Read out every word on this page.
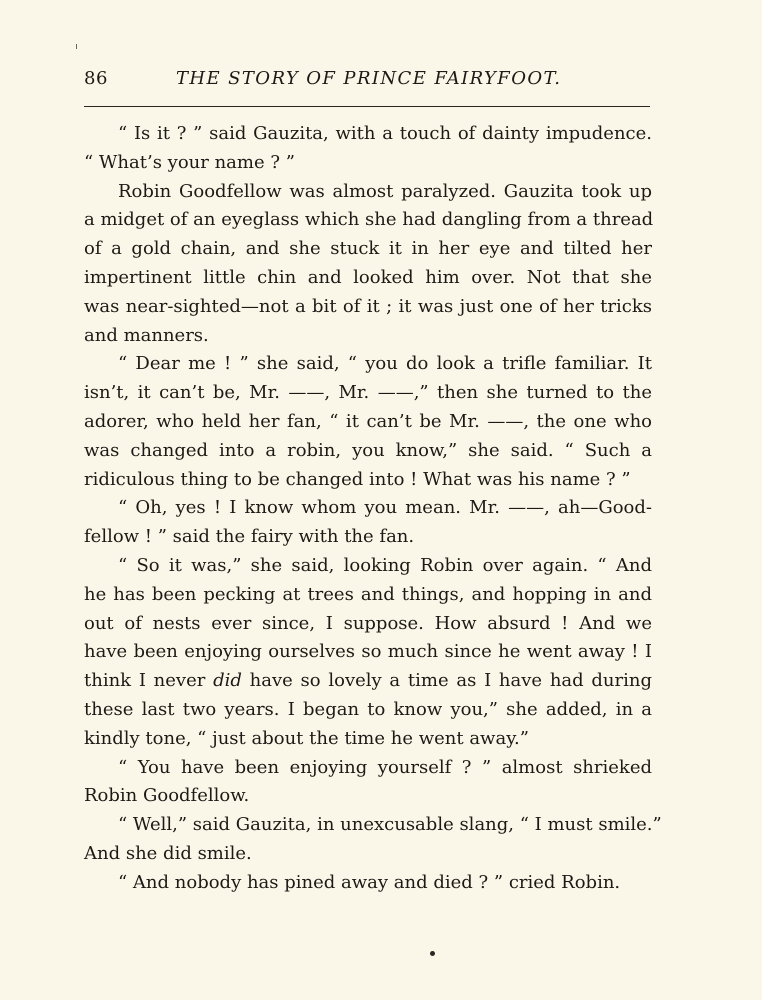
86	THE STORY OF PRINCE FAIRYFOOT.
“ Is it ? ” said Gauzita, with a touch of dainty impudence.
“ What’s your name ? ”
Robin Goodfellow was almost paralyzed. Gauzita took up
a midget of an eyeglass which she had dangling from a thread
of a gold chain, and she stuck it in her eye and tilted her
impertinent little chin and looked him over. Not that she
was near-sighted—not a bit of it ; it was just one of her tricks
and manners.
“ Dear me ! ” she said, “ you do look a trifle familiar. It
isn’t, it can’t be, Mr. ——, Mr. ——,” then she turned to the
adorer, who held her fan, “ it can’t be Mr. ——, the one who
was changed into a robin, you know,” she said. “ Such a
ridiculous thing to be changed into ! What was his name ? ”
“ Oh, yes ! I know whom you mean. Mr. ——, ah—Good-
fellow ! ” said the fairy with the fan.
“ So it was,” she said, looking Robin over again. “ And
he has been pecking at trees and things, and hopping in and
out of nests ever since, I suppose. How absurd ! And we
have been enjoying ourselves so much since he went away ! I
think I never did have so lovely a time as I have had during
these last two years. I began to know you,” she added, in a
kindly tone, “ just about the time he went away.”
“ You have been enjoying yourself ? ” almost shrieked
Robin Goodfellow.
“ Well,” said Gauzita, in unexcusable slang, “ I must smile.”
And she did smile.
“ And nobody has pined away and died ? ” cried Robin.
